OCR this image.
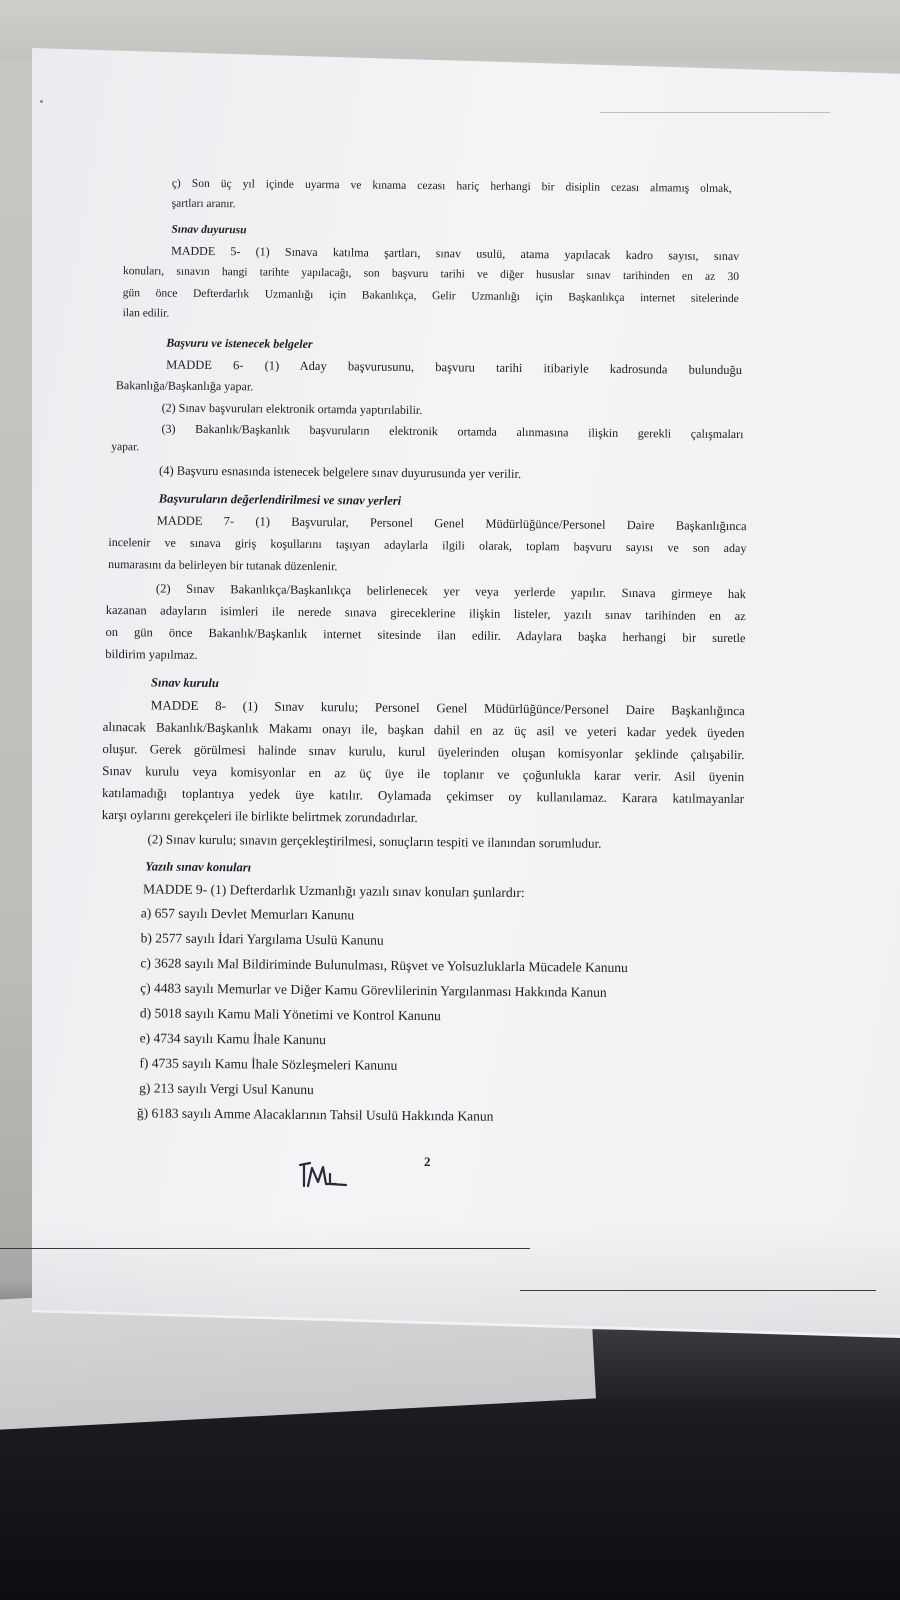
ç) Son üç yıl içinde uyarma ve kınama cezası hariç herhangi bir disiplin cezası almamış olmak,
şartları aranır.
Sınav duyurusu
MADDE 5- (1) Sınava katılma şartları, sınav usulü, atama yapılacak kadro sayısı, sınav
konuları, sınavın hangi tarihte yapılacağı, son başvuru tarihi ve diğer hususlar sınav tarihinden en az 30
gün önce Defterdarlık Uzmanlığı için Bakanlıkça, Gelir Uzmanlığı için Başkanlıkça internet sitelerinde
ilan edilir.
Başvuru ve istenecek belgeler
MADDE 6- (1) Aday başvurusunu, başvuru tarihi itibariyle kadrosunda bulunduğu
Bakanlığa/Başkanlığa yapar.
(2) Sınav başvuruları elektronik ortamda yaptırılabilir.
(3) Bakanlık/Başkanlık başvuruların elektronik ortamda alınmasına ilişkin gerekli çalışmaları
yapar.
(4) Başvuru esnasında istenecek belgelere sınav duyurusunda yer verilir.
Başvuruların değerlendirilmesi ve sınav yerleri
MADDE 7- (1) Başvurular, Personel Genel Müdürlüğünce/Personel Daire Başkanlığınca
incelenir ve sınava giriş koşullarını taşıyan adaylarla ilgili olarak, toplam başvuru sayısı ve son aday
numarasını da belirleyen bir tutanak düzenlenir.
(2) Sınav Bakanlıkça/Başkanlıkça belirlenecek yer veya yerlerde yapılır. Sınava girmeye hak
kazanan adayların isimleri ile nerede sınava gireceklerine ilişkin listeler, yazılı sınav tarihinden en az
on gün önce Bakanlık/Başkanlık internet sitesinde ilan edilir. Adaylara başka herhangi bir suretle
bildirim yapılmaz.
Sınav kurulu
MADDE 8- (1) Sınav kurulu; Personel Genel Müdürlüğünce/Personel Daire Başkanlığınca
alınacak Bakanlık/Başkanlık Makamı onayı ile, başkan dahil en az üç asil ve yeteri kadar yedek üyeden
oluşur. Gerek görülmesi halinde sınav kurulu, kurul üyelerinden oluşan komisyonlar şeklinde çalışabilir.
Sınav kurulu veya komisyonlar en az üç üye ile toplanır ve çoğunlukla karar verir. Asil üyenin
katılamadığı toplantıya yedek üye katılır. Oylamada çekimser oy kullanılamaz. Karara katılmayanlar
karşı oylarını gerekçeleri ile birlikte belirtmek zorundadırlar.
(2) Sınav kurulu; sınavın gerçekleştirilmesi, sonuçların tespiti ve ilanından sorumludur.
Yazılı sınav konuları
MADDE 9- (1) Defterdarlık Uzmanlığı yazılı sınav konuları şunlardır:
a) 657 sayılı Devlet Memurları Kanunu
b) 2577 sayılı İdari Yargılama Usulü Kanunu
c) 3628 sayılı Mal Bildiriminde Bulunulması, Rüşvet ve Yolsuzluklarla Mücadele Kanunu
ç) 4483 sayılı Memurlar ve Diğer Kamu Görevlilerinin Yargılanması Hakkında Kanun
d) 5018 sayılı Kamu Mali Yönetimi ve Kontrol Kanunu
e) 4734 sayılı Kamu İhale Kanunu
f) 4735 sayılı Kamu İhale Sözleşmeleri Kanunu
g) 213 sayılı Vergi Usul Kanunu
ğ) 6183 sayılı Amme Alacaklarının Tahsil Usulü Hakkında Kanun
2
